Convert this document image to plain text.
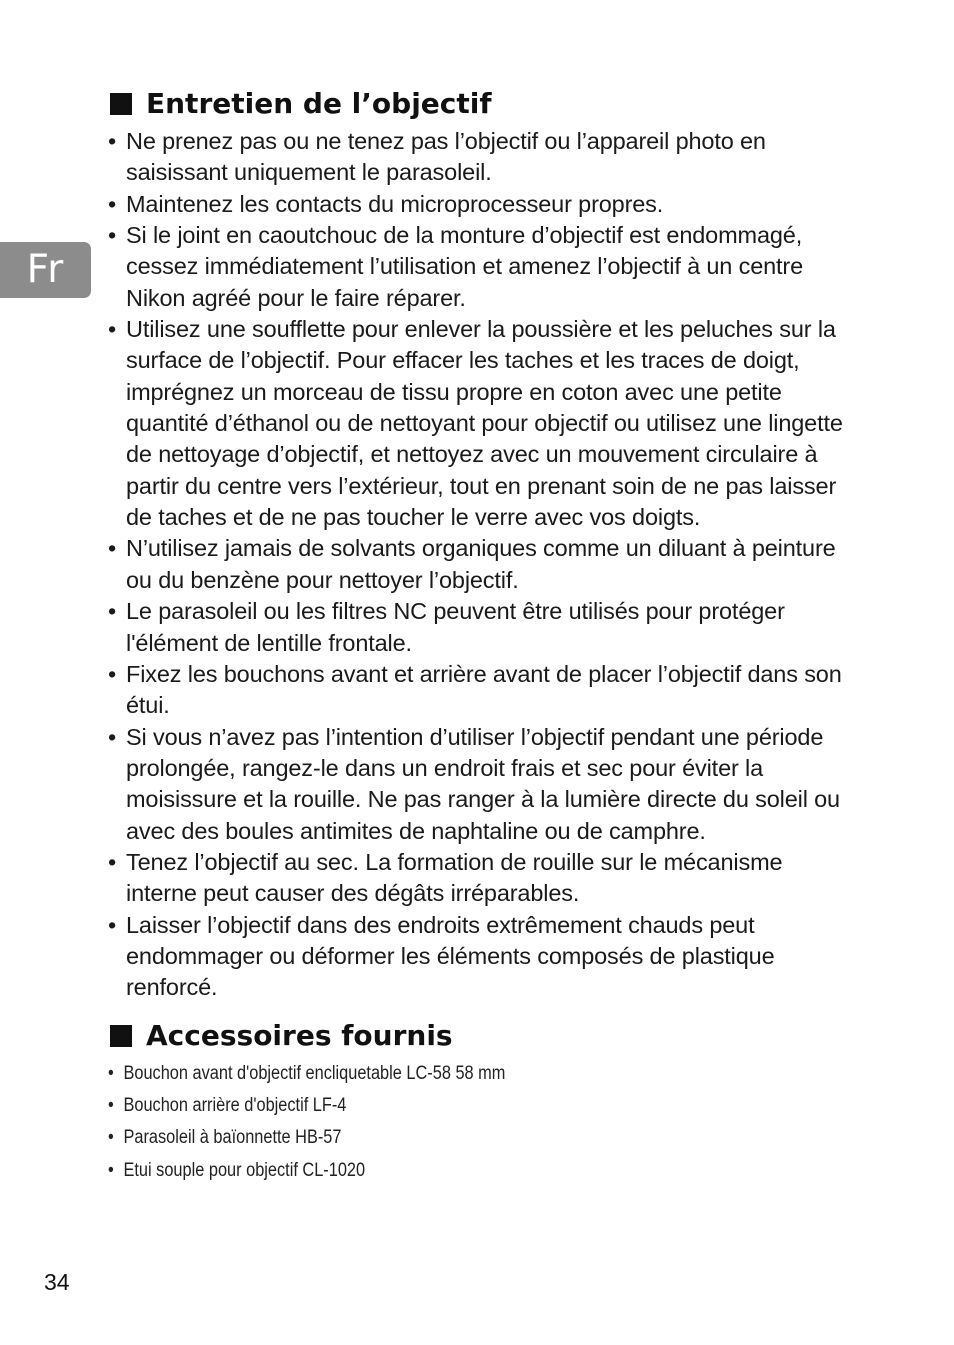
Fr
Entretien de l’objectif
• Ne prenez pas ou ne tenez pas l’objectif ou l’appareil photo en saisissant uniquement le parasoleil.
• Maintenez les contacts du microprocesseur propres.
• Si le joint en caoutchouc de la monture d’objectif est endommagé, cessez immédiatement l’utilisation et amenez l’objectif à un centre Nikon agréé pour le faire réparer.
• Utilisez une soufflette pour enlever la poussière et les peluches sur la surface de l’objectif. Pour effacer les taches et les traces de doigt, imprégnez un morceau de tissu propre en coton avec une petite quantité d’éthanol ou de nettoyant pour objectif ou utilisez une lingette de nettoyage d’objectif, et nettoyez avec un mouvement circulaire à partir du centre vers l’extérieur, tout en prenant soin de ne pas laisser de taches et de ne pas toucher le verre avec vos doigts.
• N’utilisez jamais de solvants organiques comme un diluant à peinture ou du benzène pour nettoyer l’objectif.
• Le parasoleil ou les filtres NC peuvent être utilisés pour protéger l'élément de lentille frontale.
• Fixez les bouchons avant et arrière avant de placer l’objectif dans son étui.
• Si vous n’avez pas l’intention d’utiliser l’objectif pendant une période prolongée, rangez-le dans un endroit frais et sec pour éviter la moisissure et la rouille. Ne pas ranger à la lumière directe du soleil ou avec des boules antimites de naphtaline ou de camphre.
• Tenez l’objectif au sec. La formation de rouille sur le mécanisme interne peut causer des dégâts irréparables.
• Laisser l’objectif dans des endroits extrêmement chauds peut endommager ou déformer les éléments composés de plastique renforcé.
Accessoires fournis
• Bouchon avant d'objectif encliquetable LC-58 58 mm
• Bouchon arrière d'objectif LF-4
• Parasoleil à baïonnette HB-57
• Etui souple pour objectif CL-1020
34
